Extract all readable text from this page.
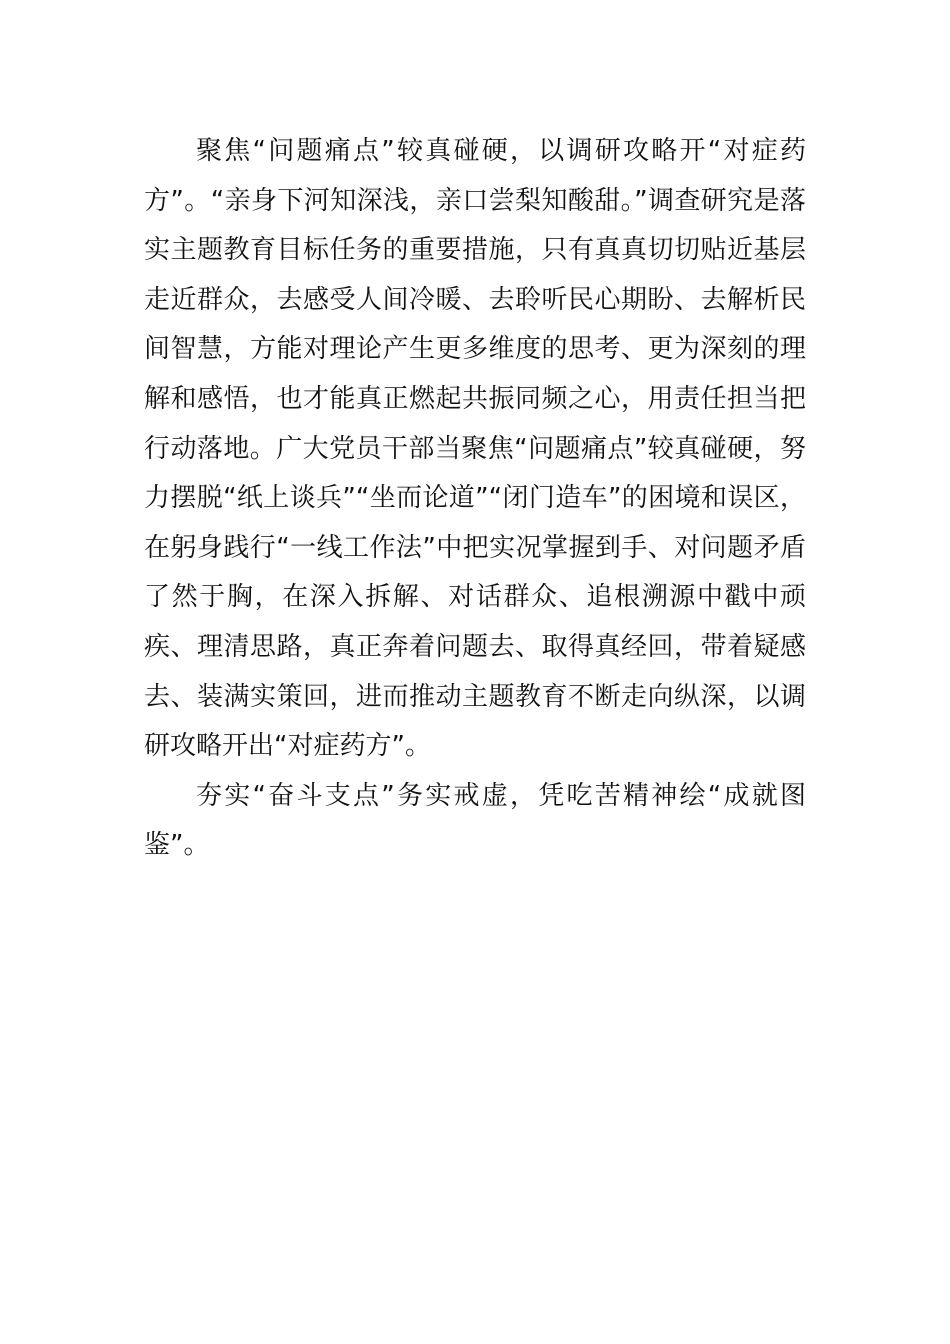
聚焦“问题痛点”较真碰硬，以调研攻略开“对症药方”。“亲身下河知深浅，亲口尝梨知酸甜。”调查研究是落实主题教育目标任务的重要措施，只有真真切切贴近基层走近群众，去感受人间冷暖、去聆听民心期盼、去解析民间智慧，方能对理论产生更多维度的思考、更为深刻的理解和感悟，也才能真正燃起共振同频之心，用责任担当把行动落地。广大党员干部当聚焦“问题痛点”较真碰硬，努力摆脱“纸上谈兵”“坐而论道”“闭门造车”的困境和误区，在躬身践行“一线工作法”中把实况掌握到手、对问题矛盾了然于胸，在深入拆解、对话群众、追根溯源中戳中顽疾、理清思路，真正奔着问题去、取得真经回，带着疑感去、装满实策回，进而推动主题教育不断走向纵深，以调研攻略开出“对症药方”。

夯实“奋斗支点”务实戒虚，凭吃苦精神绘“成就图鉴”。
